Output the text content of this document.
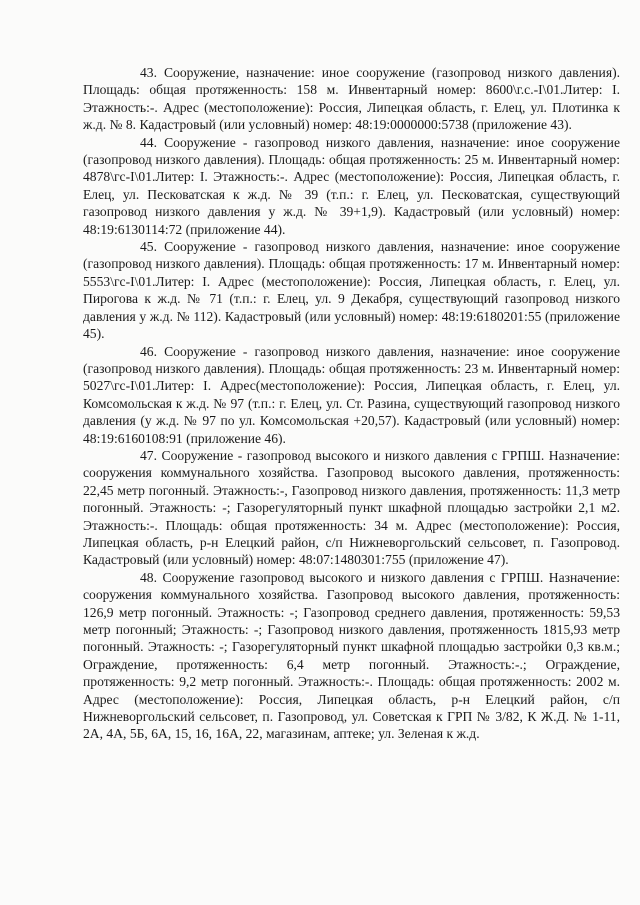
43. Сооружение, назначение: иное сооружение (газопровод низкого давления). Площадь: общая протяженность: 158 м. Инвентарный номер: 8600\г.с.-I\01.Литер: I. Этажность:-. Адрес (местоположение): Россия, Липецкая область, г. Елец, ул. Плотинка к ж.д. № 8. Кадастровый (или условный) номер: 48:19:0000000:5738 (приложение 43).

44. Сооружение - газопровод низкого давления, назначение: иное сооружение (газопровод низкого давления). Площадь: общая протяженность: 25 м. Инвентарный номер: 4878\гс-I\01.Литер: I. Этажность:-. Адрес (местоположение): Россия, Липецкая область, г. Елец, ул. Песковатская к ж.д. № 39 (т.п.: г. Елец, ул. Песковатская, существующий газопровод низкого давления у ж.д. № 39+1,9). Кадастровый (или условный) номер: 48:19:6130114:72 (приложение 44).

45. Сооружение - газопровод низкого давления, назначение: иное сооружение (газопровод низкого давления). Площадь: общая протяженность: 17 м. Инвентарный номер: 5553\гс-I\01.Литер: I. Адрес (местоположение): Россия, Липецкая область, г. Елец, ул. Пирогова к ж.д. № 71 (т.п.: г. Елец, ул. 9 Декабря, существующий газопровод низкого давления у ж.д. № 112). Кадастровый (или условный) номер: 48:19:6180201:55 (приложение 45).

46. Сооружение - газопровод низкого давления, назначение: иное сооружение (газопровод низкого давления). Площадь: общая протяженность: 23 м. Инвентарный номер: 5027\гс-I\01.Литер: I. Адрес(местоположение): Россия, Липецкая область, г. Елец, ул. Комсомольская к ж.д. № 97 (т.п.: г. Елец, ул. Ст. Разина, существующий газопровод низкого давления (у ж.д. № 97 по ул. Комсомольская +20,57). Кадастровый (или условный) номер: 48:19:6160108:91 (приложение 46).

47. Сооружение - газопровод высокого и низкого давления с ГРПШ. Назначение: сооружения коммунального хозяйства. Газопровод высокого давления, протяженность: 22,45 метр погонный. Этажность:-, Газопровод низкого давления, протяженность: 11,3 метр погонный. Этажность: -; Газорегуляторный пункт шкафной площадью застройки 2,1 м2. Этажность:-. Площадь: общая протяженность: 34 м. Адрес (местоположение): Россия, Липецкая область, р-н Елецкий район, с/п Нижневоргольский сельсовет, п. Газопровод. Кадастровый (или условный) номер: 48:07:1480301:755 (приложение 47).

48. Сооружение газопровод высокого и низкого давления с ГРПШ. Назначение: сооружения коммунального хозяйства. Газопровод высокого давления, протяженность: 126,9 метр погонный. Этажность: -; Газопровод среднего давления, протяженность: 59,53 метр погонный; Этажность: -; Газопровод низкого давления, протяженность 1815,93 метр погонный. Этажность: -; Газорегуляторный пункт шкафной площадью застройки 0,3 кв.м.; Ограждение, протяженность: 6,4 метр погонный. Этажность:-.; Ограждение, протяженность: 9,2 метр погонный. Этажность:-. Площадь: общая протяженность: 2002 м. Адрес (местоположение): Россия, Липецкая область, р-н Елецкий район, с/п Нижневоргольский сельсовет, п. Газопровод, ул. Советская к ГРП № 3/82, К Ж.Д. № 1-11, 2А, 4А, 5Б, 6А, 15, 16, 16А, 22, магазинам, аптеке; ул. Зеленая к ж.д.
